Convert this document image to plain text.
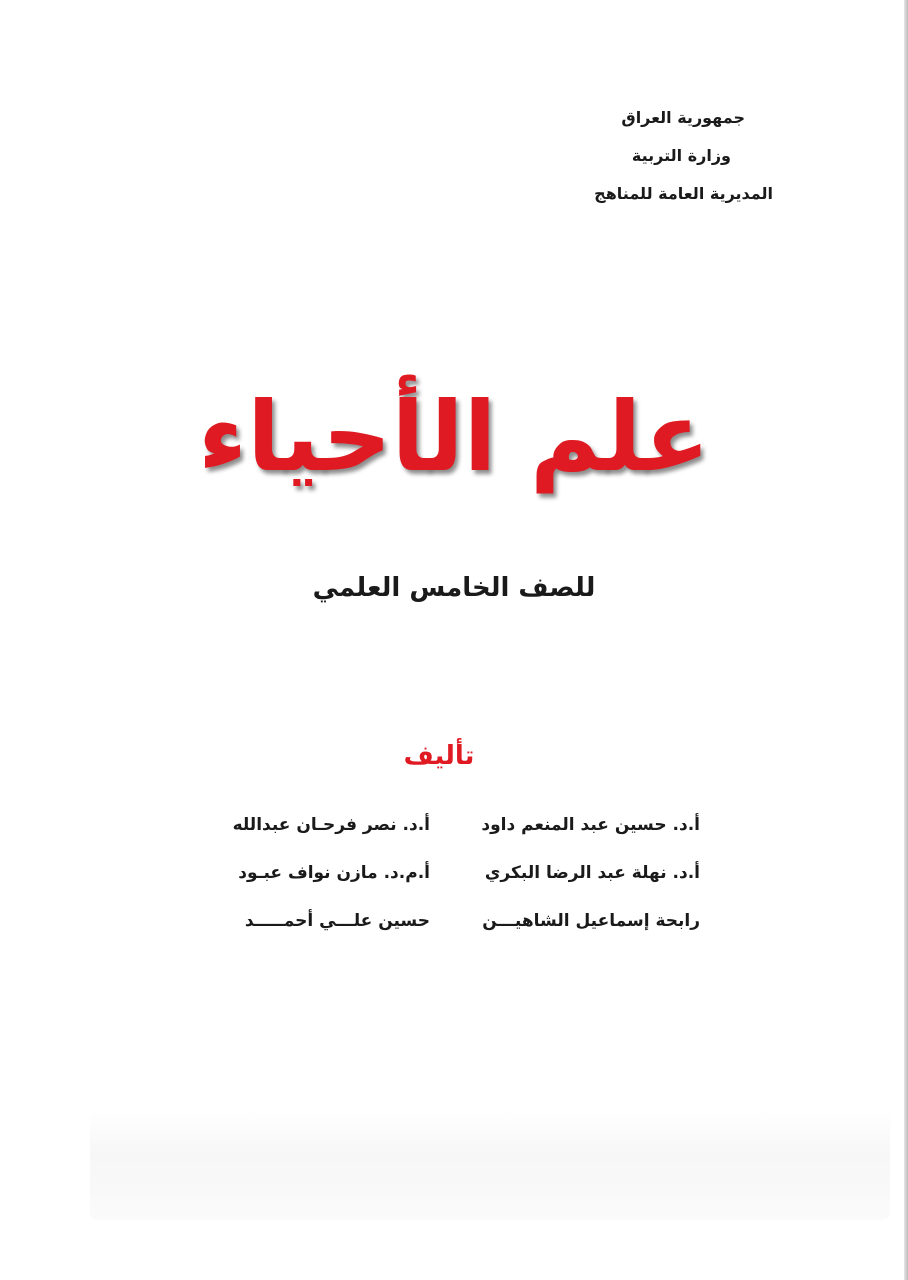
جمهورية العراق
وزارة التربية
المديرية العامة للمناهج
علم الأحياء
للصف الخامس العلمي
تأليف
أ.د. حسين عبد المنعم داود
أ.د. نصر فرحـان عبدالله
أ.د. نهلة عبد الرضا البكري
أ.م.د. مازن نواف عبـود
رابحة إسماعيل الشاهيـــن
حسين علـــي أحمـــــد
